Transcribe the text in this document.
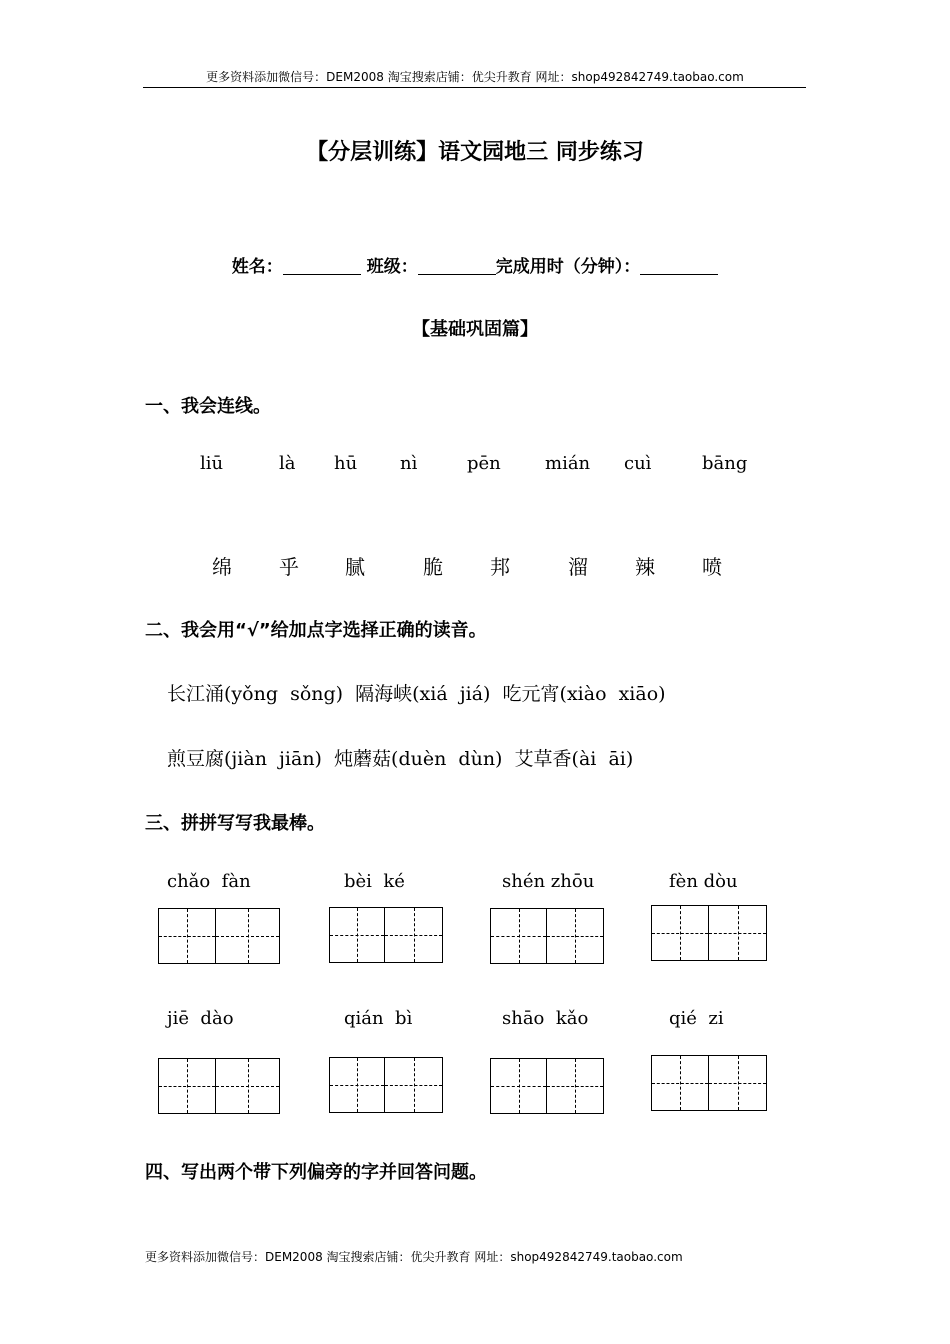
更多资料添加微信号：DEM2008 淘宝搜索店铺：优尖升教育 网址：shop492842749.taobao.com
【分层训练】语文园地三 同步练习
姓名：	班级：	完成用时（分钟）：
【基础巩固篇】
一、我会连线。
liū	là hū nì	pēn mián cuì	bāng
绵 乎 腻	脆 邦	溜 辣 喷
二、我会用“√”给加点字选择正确的读音。
长江涌(yǒng  sǒng)  隔海峡(xiá  jiá)  吃元宵(xiào  xiāo)
煎豆腐(jiàn  jiān)  炖蘑菇(duèn  dùn)  艾草香(ài  āi)
三、拼拼写写我最棒。
chǎo  fàn	bèi  ké	shén zhōu	fèn dòu
jiē  dào	qián  bì	shāo  kǎo	qié  zi
四、写出两个带下列偏旁的字并回答问题。
更多资料添加微信号：DEM2008 淘宝搜索店铺：优尖升教育 网址：shop492842749.taobao.com
